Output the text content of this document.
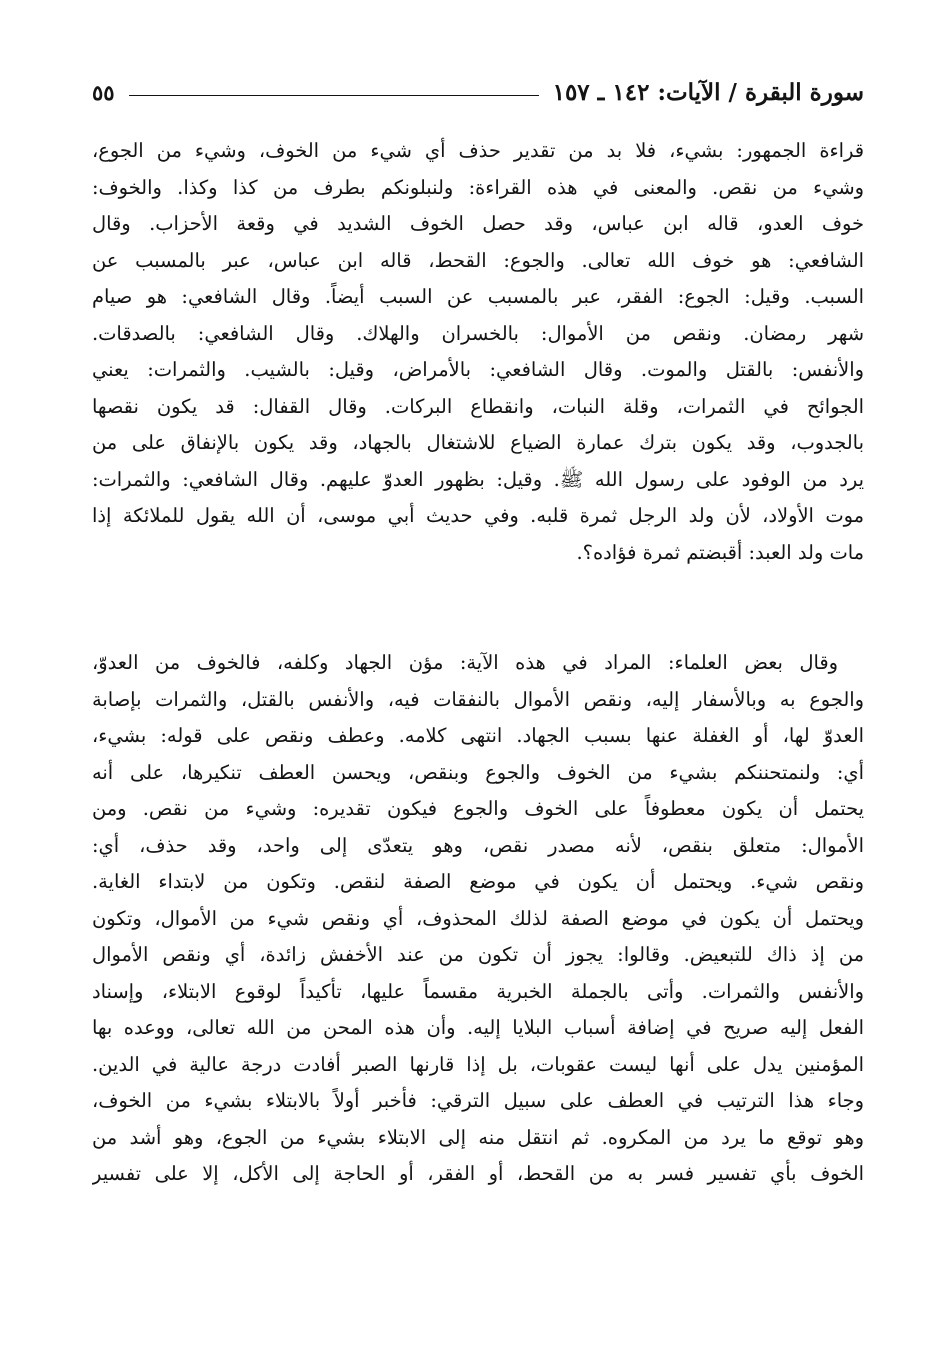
سورة البقرة / الآيات: ١٤٢ ـ ١٥٧
٥٥
قراءة الجمهور: بشيء، فلا بد من تقدير حذف أي شيء من الخوف، وشيء من الجوع،
وشيء من نقص. والمعنى في هذه القراءة: ولنبلونكم بطرف من كذا وكذا. والخوف:
خوف العدو، قاله ابن عباس، وقد حصل الخوف الشديد في وقعة الأحزاب. وقال
الشافعي: هو خوف الله تعالى. والجوع: القحط، قاله ابن عباس، عبر بالمسبب عن
السبب. وقيل: الجوع: الفقر، عبر بالمسبب عن السبب أيضاً. وقال الشافعي: هو صيام
شهر رمضان. ونقص من الأموال: بالخسران والهلاك. وقال الشافعي: بالصدقات.
والأنفس: بالقتل والموت. وقال الشافعي: بالأمراض، وقيل: بالشيب. والثمرات: يعني
الجوائح في الثمرات، وقلة النبات، وانقطاع البركات. وقال القفال: قد يكون نقصها
بالجدوب، وقد يكون بترك عمارة الضياع للاشتغال بالجهاد، وقد يكون بالإنفاق على من
يرد من الوفود على رسول الله ﷺ. وقيل: بظهور العدوّ عليهم. وقال الشافعي: والثمرات:
موت الأولاد، لأن ولد الرجل ثمرة قلبه. وفي حديث أبي موسى، أن الله يقول للملائكة إذا
مات ولد العبد: أقبضتم ثمرة فؤاده؟.
وقال بعض العلماء: المراد في هذه الآية: مؤن الجهاد وكلفه، فالخوف من العدوّ،
والجوع به وبالأسفار إليه، ونقص الأموال بالنفقات فيه، والأنفس بالقتل، والثمرات بإصابة
العدوّ لها، أو الغفلة عنها بسبب الجهاد. انتهى كلامه. وعطف ونقص على قوله: بشيء،
أي: ولنمتحننكم بشيء من الخوف والجوع وبنقص، ويحسن العطف تنكيرها، على أنه
يحتمل أن يكون معطوفاً على الخوف والجوع فيكون تقديره: وشيء من نقص. ومن
الأموال: متعلق بنقص، لأنه مصدر نقص، وهو يتعدّى إلى واحد، وقد حذف، أي:
ونقص شيء. ويحتمل أن يكون في موضع الصفة لنقص. وتكون من لابتداء الغاية.
ويحتمل أن يكون في موضع الصفة لذلك المحذوف، أي ونقص شيء من الأموال، وتكون
من إذ ذاك للتبعيض. وقالوا: يجوز أن تكون من عند الأخفش زائدة، أي ونقص الأموال
والأنفس والثمرات. وأتى بالجملة الخبرية مقسماً عليها، تأكيداً لوقوع الابتلاء، وإسناد
الفعل إليه صريح في إضافة أسباب البلايا إليه. وأن هذه المحن من الله تعالى، ووعده بها
المؤمنين يدل على أنها ليست عقوبات، بل إذا قارنها الصبر أفادت درجة عالية في الدين.
وجاء هذا الترتيب في العطف على سبيل الترقي: فأخبر أولاً بالابتلاء بشيء من الخوف،
وهو توقع ما يرد من المكروه. ثم انتقل منه إلى الابتلاء بشيء من الجوع، وهو أشد من
الخوف بأي تفسير فسر به من القحط، أو الفقر، أو الحاجة إلى الأكل، إلا على تفسير
